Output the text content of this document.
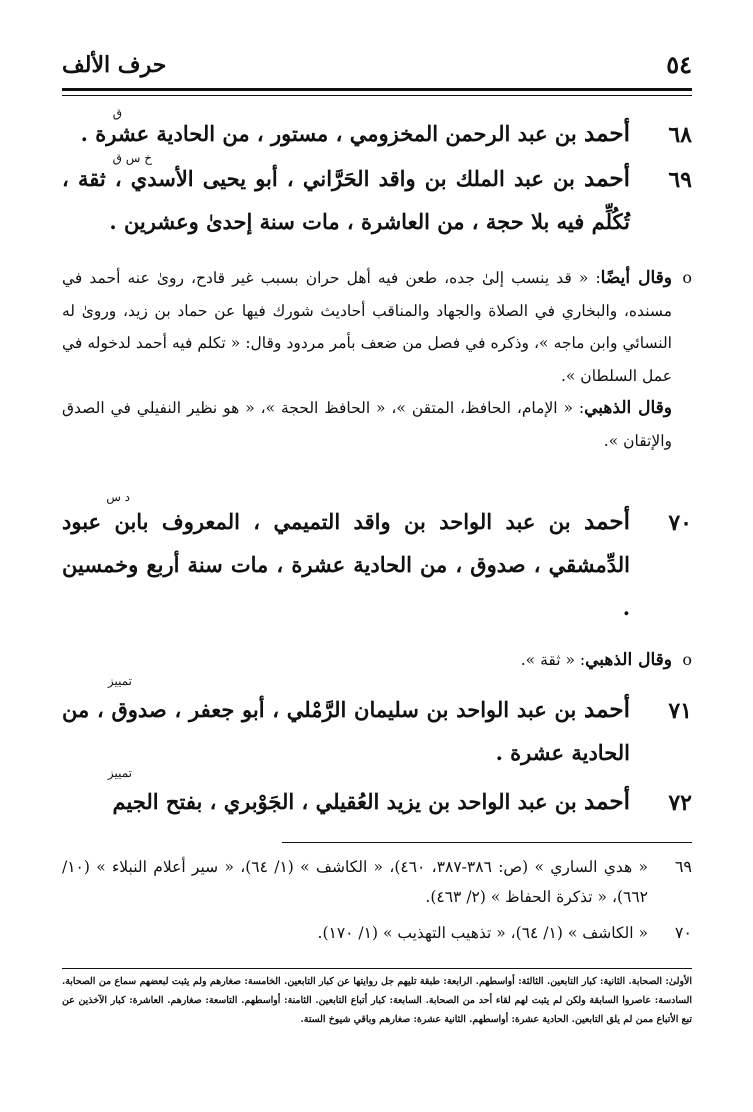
٥٤
حرف الألف
ق
٦٨
أحمد بن عبد الرحمن المخزومي ، مستور ، من الحادية عشرة .
خ س ق
٦٩
أحمد بن عبد الملك بن واقد الحَرَّاني ، أبو يحيى الأسدي ، ثقة ، تُكُلِّم فيه بلا حجة ، من العاشرة ، مات سنة إحدىٰ وعشرين .
o
وقال أيضًا: « قد ينسب إلىٰ جده، طعن فيه أهل حران بسبب غير قادح، روىٰ عنه أحمد في مسنده، والبخاري في الصلاة والجهاد والمناقب أحاديث شورك فيها عن حماد بن زيد، وروىٰ له النسائي وابن ماجه »، وذكره في فصل من ضعف بأمر مردود وقال: « تكلم فيه أحمد لدخوله في عمل السلطان ».
وقال الذهبي: « الإمام، الحافظ، المتقن »، « الحافظ الحجة »، « هو نظير النفيلي في الصدق والإتقان ».
د س
٧٠
أحمد بن عبد الواحد بن واقد التميمي ، المعروف بابن عبود الدِّمشقي ، صدوق ، من الحادية عشرة ، مات سنة أربع وخمسين .
o
وقال الذهبي: « ثقة ».
تمييز
٧١
أحمد بن عبد الواحد بن سليمان الرَّمْلي ، أبو جعفر ، صدوق ، من الحادية عشرة .
تمييز
٧٢
أحمد بن عبد الواحد بن يزيد العُقيلي ، الجَوْبري ، بفتح الجيم
٦٩
« هدي الساري » (ص: ٣٨٦-٣٨٧، ٤٦٠)، « الكاشف » (١/ ٦٤)، « سير أعلام النبلاء » (١٠/ ٦٦٢)، « تذكرة الحفاظ » (٢/ ٤٦٣).
٧٠
« الكاشف » (١/ ٦٤)، « تذهيب التهذيب » (١/ ١٧٠).
الأولىٰ: الصحابة. الثانية: كبار التابعين. الثالثة: أواسطهم. الرابعة: طبقة تليهم جل روايتها عن كبار التابعين. الخامسة: صغارهم ولم يثبت لبعضهم سماع من الصحابة. السادسة: عاصروا السابقة ولكن لم يثبت لهم لقاء أحد من الصحابة. السابعة: كبار أتباع التابعين. الثامنة: أواسطهم. التاسعة: صغارهم. العاشرة: كبار الآخذين عن تبع الأتباع ممن لم يلق التابعين. الحادية عشرة: أواسطهم. الثانية عشرة: صغارهم وباقي شيوخ الستة.
